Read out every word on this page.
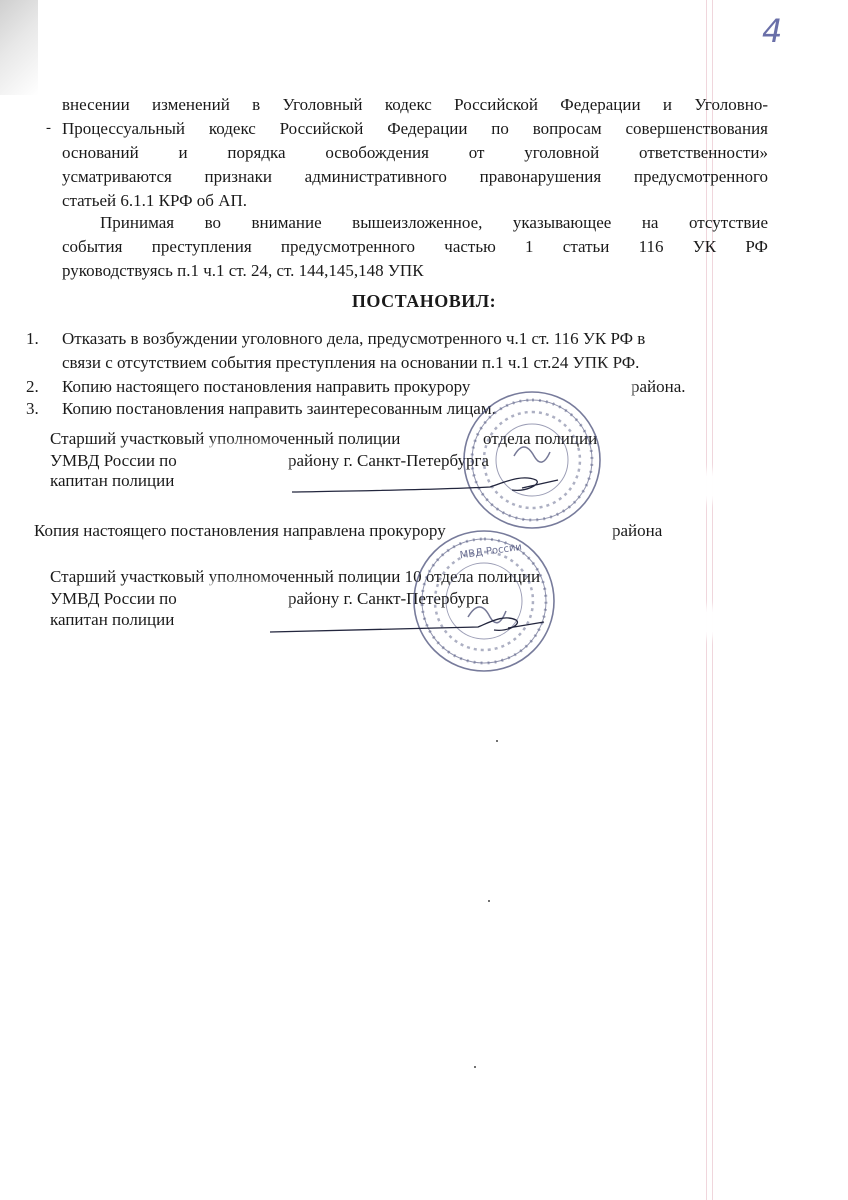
4
-
внесении изменений в Уголовный кодекс Российской Федерации и Уголовно-
Процессуальный кодекс Российской Федерации по вопросам совершенствования
оснований и порядка освобождения от уголовной ответственности»
усматриваются признаки административного правонарушения предусмотренного
статьей 6.1.1 КРФ об АП.
Принимая во внимание вышеизложенное, указывающее на отсутствие
события преступления предусмотренного частью 1 статьи 116 УК РФ
руководствуясь п.1 ч.1 ст. 24, ст. 144,145,148 УПК
ПОСТАНОВИЛ:
1. Отказать в возбуждении уголовного дела, предусмотренного ч.1 ст. 116 УК РФ в
связи с отсутствием события преступления на основании п.1 ч.1 ст.24 УПК РФ.
2. Копию настоящего постановления направить прокурору	района.
3. Копию постановления направить заинтересованным лицам.
Старший участковый уполномоченный полиции	отдела полиции
УМВД России по	району г. Санкт-Петербурга
капитан полиции
Копия настоящего постановления направлена прокурору	района
Старший участковый уполномоченный полиции 10 отдела полиции
УМВД России по	району г. Санкт-Петербурга
капитан полиции
МВД России
